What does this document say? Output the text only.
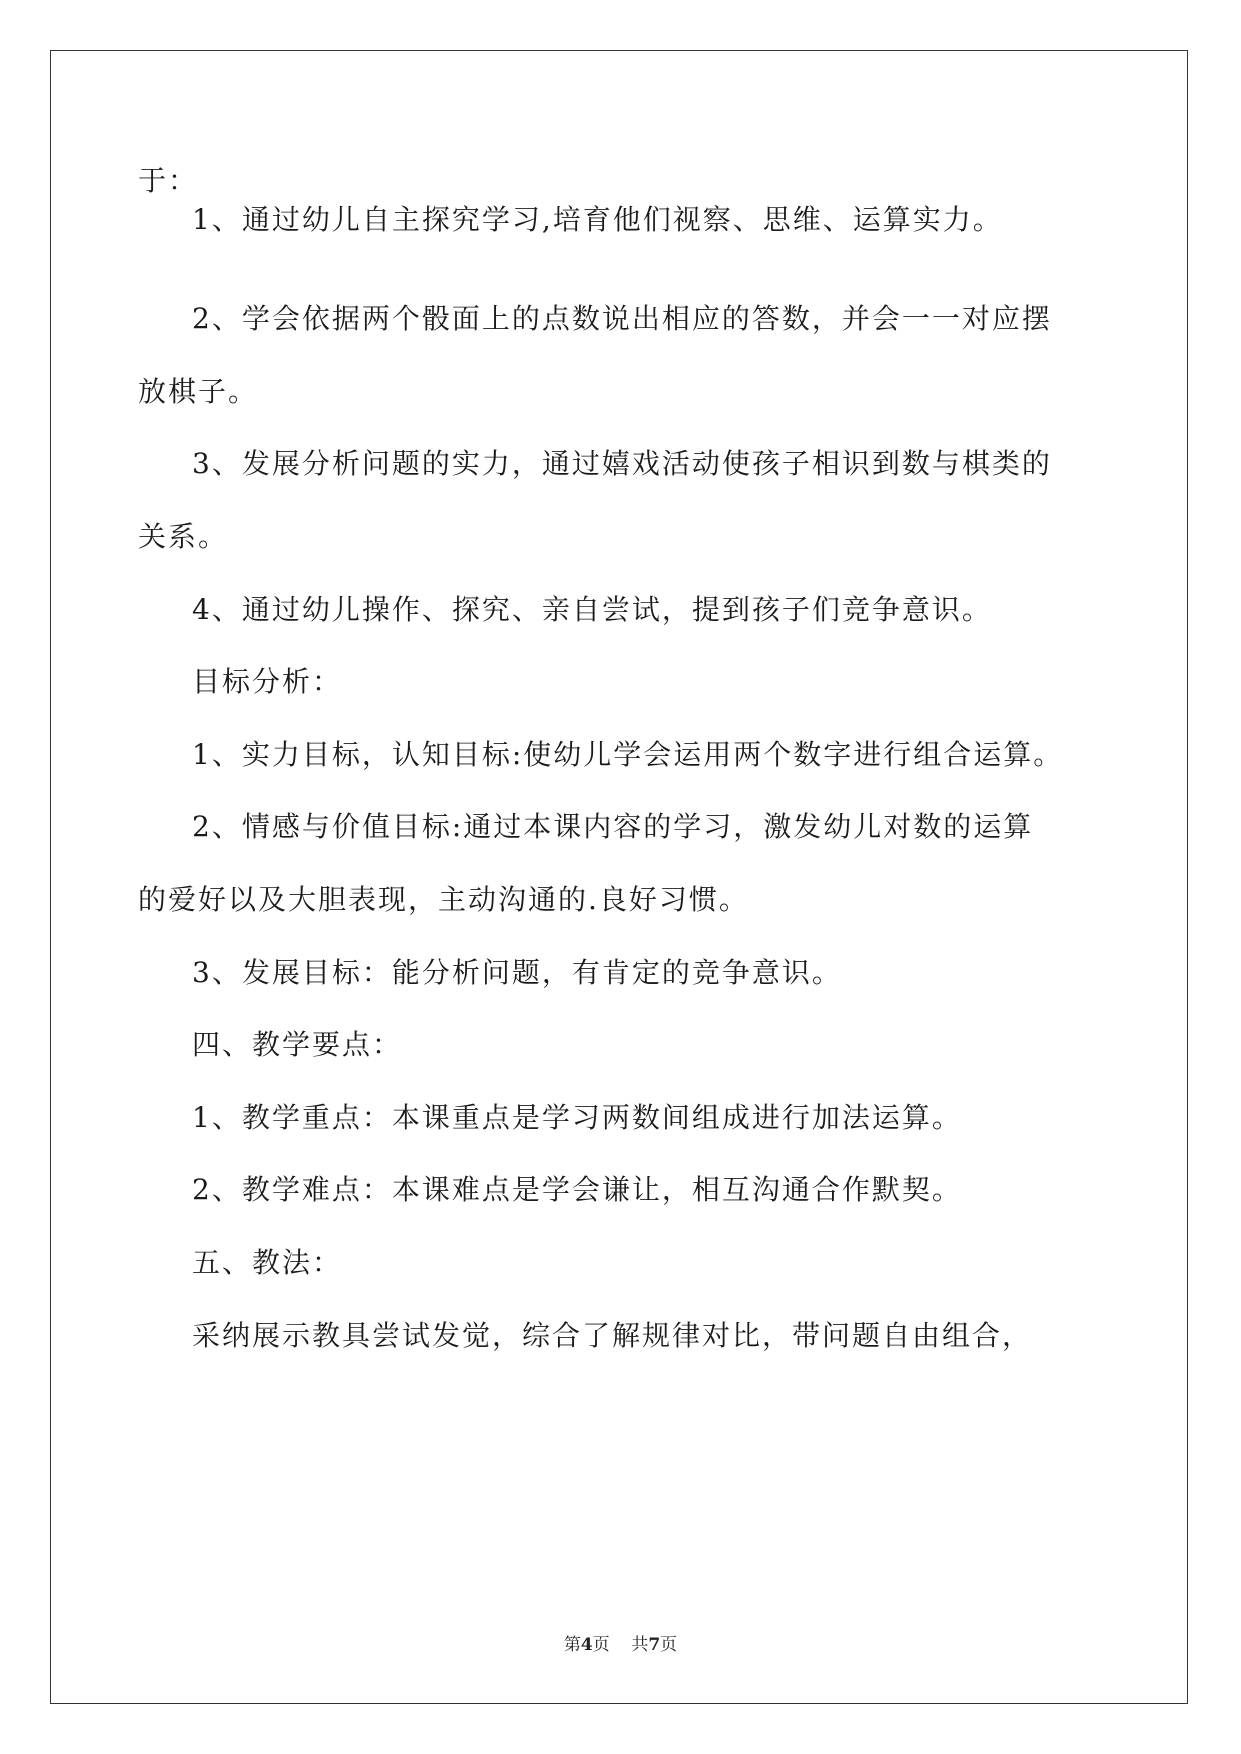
于：
1、通过幼儿自主探究学习,培育他们视察、思维、运算实力。
2、学会依据两个骰面上的点数说出相应的答数，并会一一对应摆
放棋子。
3、发展分析问题的实力，通过嬉戏活动使孩子相识到数与棋类的
关系。
4、通过幼儿操作、探究、亲自尝试，提到孩子们竞争意识。
目标分析：
1、实力目标，认知目标:使幼儿学会运用两个数字进行组合运算。
2、情感与价值目标:通过本课内容的学习，激发幼儿对数的运算
的爱好以及大胆表现，主动沟通的.良好习惯。
3、发展目标：能分析问题，有肯定的竞争意识。
四、教学要点：
1、教学重点：本课重点是学习两数间组成进行加法运算。
2、教学难点：本课难点是学会谦让，相互沟通合作默契。
五、教法：
采纳展示教具尝试发觉，综合了解规律对比，带问题自由组合，
第4页 共7页
